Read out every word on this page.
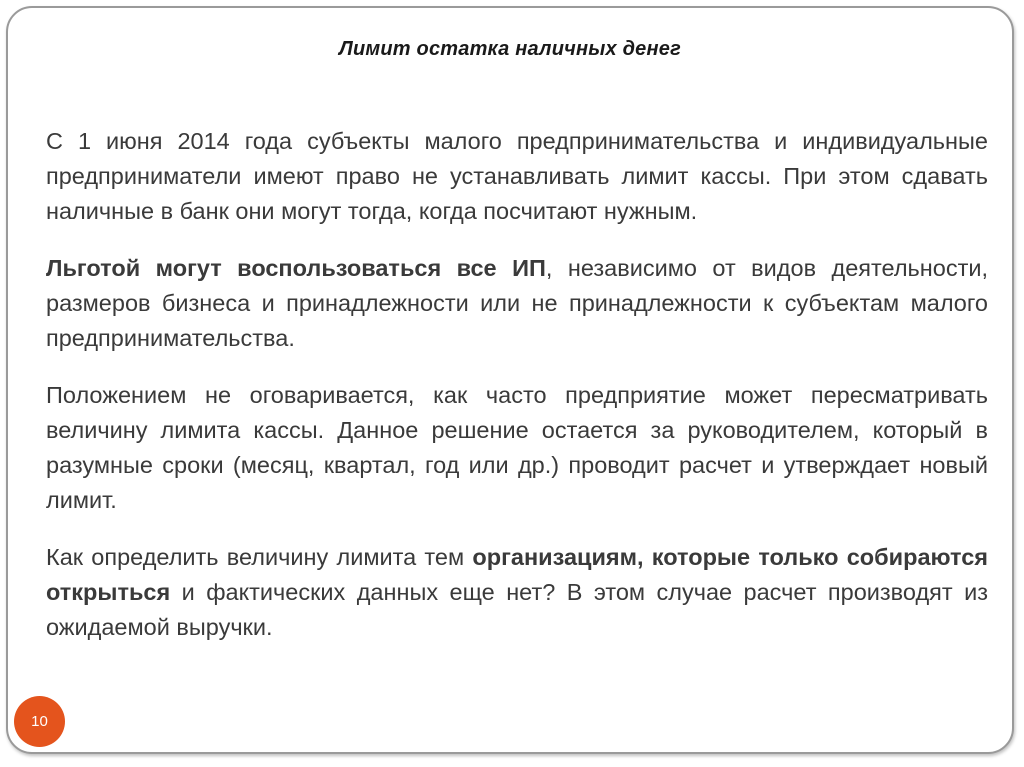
Лимит остатка наличных денег

С 1 июня 2014 года субъекты малого предпринимательства и индивидуальные предприниматели имеют право не устанавливать лимит кассы. При этом сдавать наличные в банк они могут тогда, когда посчитают нужным.

Льготой могут воспользоваться все ИП, независимо от видов деятельности, размеров бизнеса и принадлежности или не принадлежности к субъектам малого предпринимательства.

Положением не оговаривается, как часто предприятие может пересматривать величину лимита кассы. Данное решение остается за руководителем, который в разумные сроки (месяц, квартал, год или др.) проводит расчет и утверждает новый лимит.

Как определить величину лимита тем организациям, которые только собираются открыться и фактических данных еще нет? В этом случае расчет производят из ожидаемой выручки.

10
